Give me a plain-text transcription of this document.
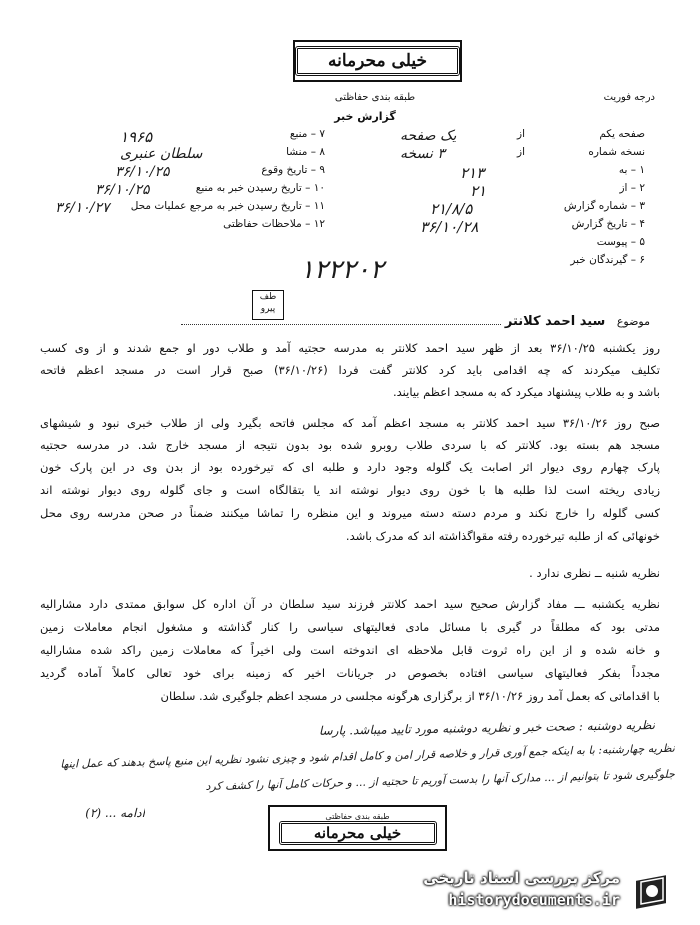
خیلی محرمانه
درجه فوریت
طبقه بندی حفاظتی
گزارش خبر
۷ – منبع
۱۹۶۵
۸ – منشا
سلطان عنبری
۹ – تاریخ وقوع
۳۶/۱۰/۲۵
۱۰ – تاریخ رسیدن خبر به منبع
۳۶/۱۰/۲۵
۱۱ – تاریخ رسیدن خبر به مرجع عملیات محل
۳۶/۱۰/۲۷
۱۲ – ملاحظات حفاظتی
صفحه یکم
از
یک صفحه
نسخه شماره
از
۳ نسخه
۱ – به
۲۱۳
۲ – از
۲۱
۳ – شماره گزارش
۲۱/۸/۵
۴ – تاریخ گزارش
۳۶/۱۰/۲۸
۵ – پیوست
۶ – گیرندگان خبر
۱۲۲۲۰۲
طف
پیرو
موضوع سید احمد کلانتر
روز یکشنبه ۳۶/۱۰/۲۵ بعد از ظهر سید احمد کلانتر به مدرسه حجتیه آمد و طلاب دور او جمع شدند و از وی کسب
تکلیف میکردند که چه اقدامی باید کرد کلانتر گفت فردا (۳۶/۱۰/۲۶) صبح قرار است در مسجد اعظم فاتحه
باشد و به طلاب پیشنهاد میکرد که به مسجد اعظم بیایند.
صبح روز ۳۶/۱۰/۲۶ سید احمد کلانتر به مسجد اعظم آمد که مجلس فاتحه بگیرد ولی از طلاب خبری نبود و شیشهای
مسجد هم بسته بود. کلانتر که با سردی طلاب روبرو شده بود بدون نتیجه از مسجد خارج شد. در مدرسه حجتیه
پارک چهارم روی دیوار اثر اصابت یک گلوله وجود دارد و طلبه ای که تیرخورده بود از بدن وی در این پارک خون
زیادی ریخته است لذا طلبه ها با خون روی دیوار نوشته اند یا بتقالگاه است و جای گلوله روی دیوار نوشته اند
کسی گلوله را خارج نکند و مردم دسته دسته میروند و این منظره را تماشا میکنند ضمناً در صحن مدرسه روی محل
خونهائی که از طلبه تیرخورده رفته مقواگذاشته اند که مدرک باشد.
نظریه شنبه ــ نظری ندارد .
نظریه یکشنبه ـــ مفاد گزارش صحیح سید احمد کلانتر فرزند سید سلطان در آن اداره کل سوابق ممتدی دارد مشارالیه
مدتی بود که مطلقاً در گیری با مسائل مادی فعالیتهای سیاسی را کنار گذاشته و مشغول انجام معاملات زمین
و خانه شده و از این راه ثروت قابل ملاحظه ای اندوخته است ولی اخیراً که معاملات زمین راکد شده مشارالیه
مجدداً بفکر فعالیتهای سیاسی افتاده بخصوص در جریانات اخیر که زمینه برای خود تعالی کاملاً آماده گردید
با اقداماتی که بعمل آمد روز ۳۶/۱۰/۲۶ از برگزاری هرگونه مجلسی در مسجد اعظم جلوگیری شد. سلطان
نظریه دوشنبه : صحت خبر و نظریه دوشنبه مورد تایید میباشد. پارسا
نظریه چهارشنبه: با به اینکه جمع آوری قرار و خلاصه قرار امن و کامل اقدام شود و چیزی نشود نظریه این منبع پاسخ بدهند که عمل اینها
جلوگیری شود تا بتوانیم از ... مدارک آنها را بدست آوریم تا حجتیه از ... و حرکات کامل آنها را کشف کرد
ادامه ... (۲)	طبقه بندی حفاظتی
خیلی محرمانه
مرکز بررسی اسناد تاریخی
historydocuments.ir
